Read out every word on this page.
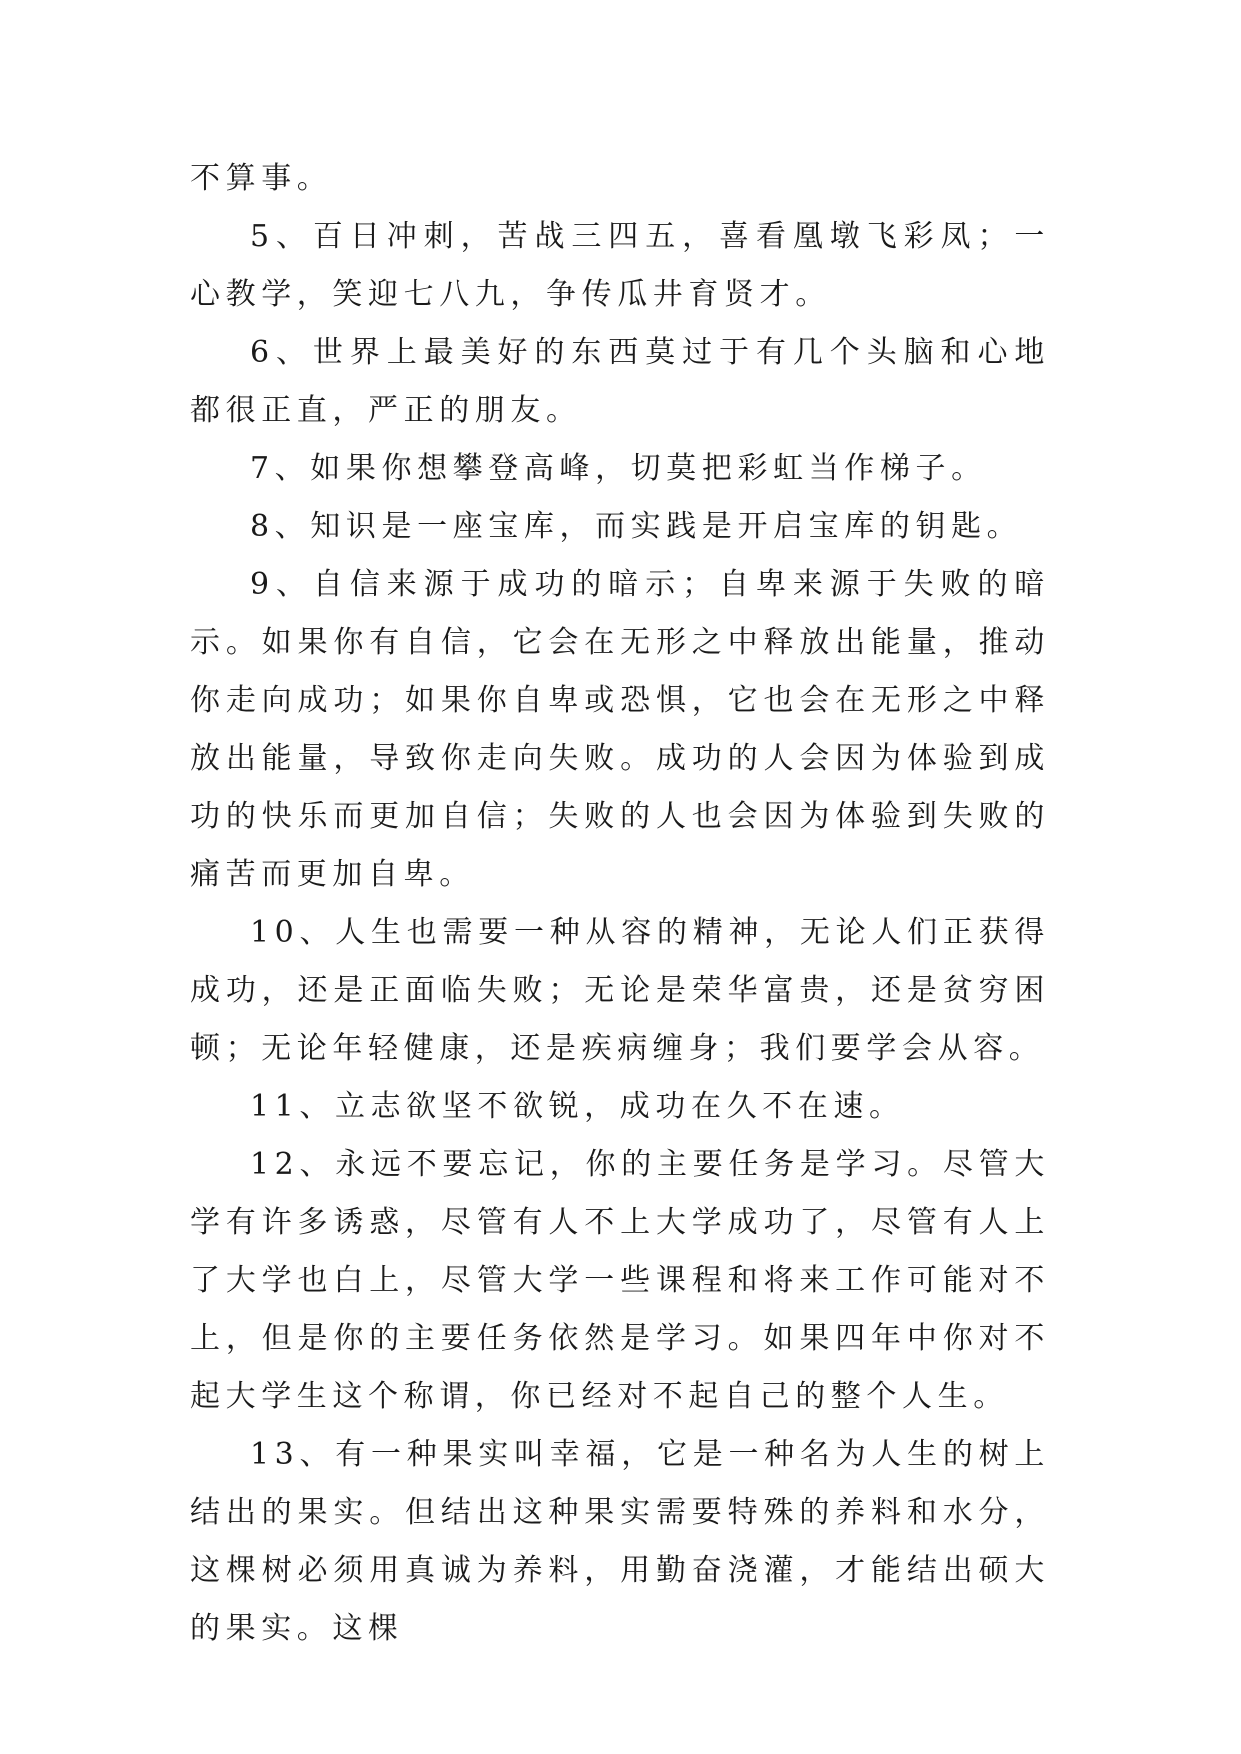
不算事。

5、百日冲刺，苦战三四五，喜看凰墩飞彩凤；一心教学，笑迎七八九，争传瓜井育贤才。

6、世界上最美好的东西莫过于有几个头脑和心地都很正直，严正的朋友。

7、如果你想攀登高峰，切莫把彩虹当作梯子。

8、知识是一座宝库，而实践是开启宝库的钥匙。

9、自信来源于成功的暗示；自卑来源于失败的暗示。如果你有自信，它会在无形之中释放出能量，推动你走向成功；如果你自卑或恐惧，它也会在无形之中释放出能量，导致你走向失败。成功的人会因为体验到成功的快乐而更加自信；失败的人也会因为体验到失败的痛苦而更加自卑。

10、人生也需要一种从容的精神，无论人们正获得成功，还是正面临失败；无论是荣华富贵，还是贫穷困顿；无论年轻健康，还是疾病缠身；我们要学会从容。

11、立志欲坚不欲锐，成功在久不在速。

12、永远不要忘记，你的主要任务是学习。尽管大学有许多诱惑，尽管有人不上大学成功了，尽管有人上了大学也白上，尽管大学一些课程和将来工作可能对不上，但是你的主要任务依然是学习。如果四年中你对不起大学生这个称谓，你已经对不起自己的整个人生。

13、有一种果实叫幸福，它是一种名为人生的树上结出的果实。但结出这种果实需要特殊的养料和水分，这棵树必须用真诚为养料，用勤奋浇灌，才能结出硕大的果实。这棵
